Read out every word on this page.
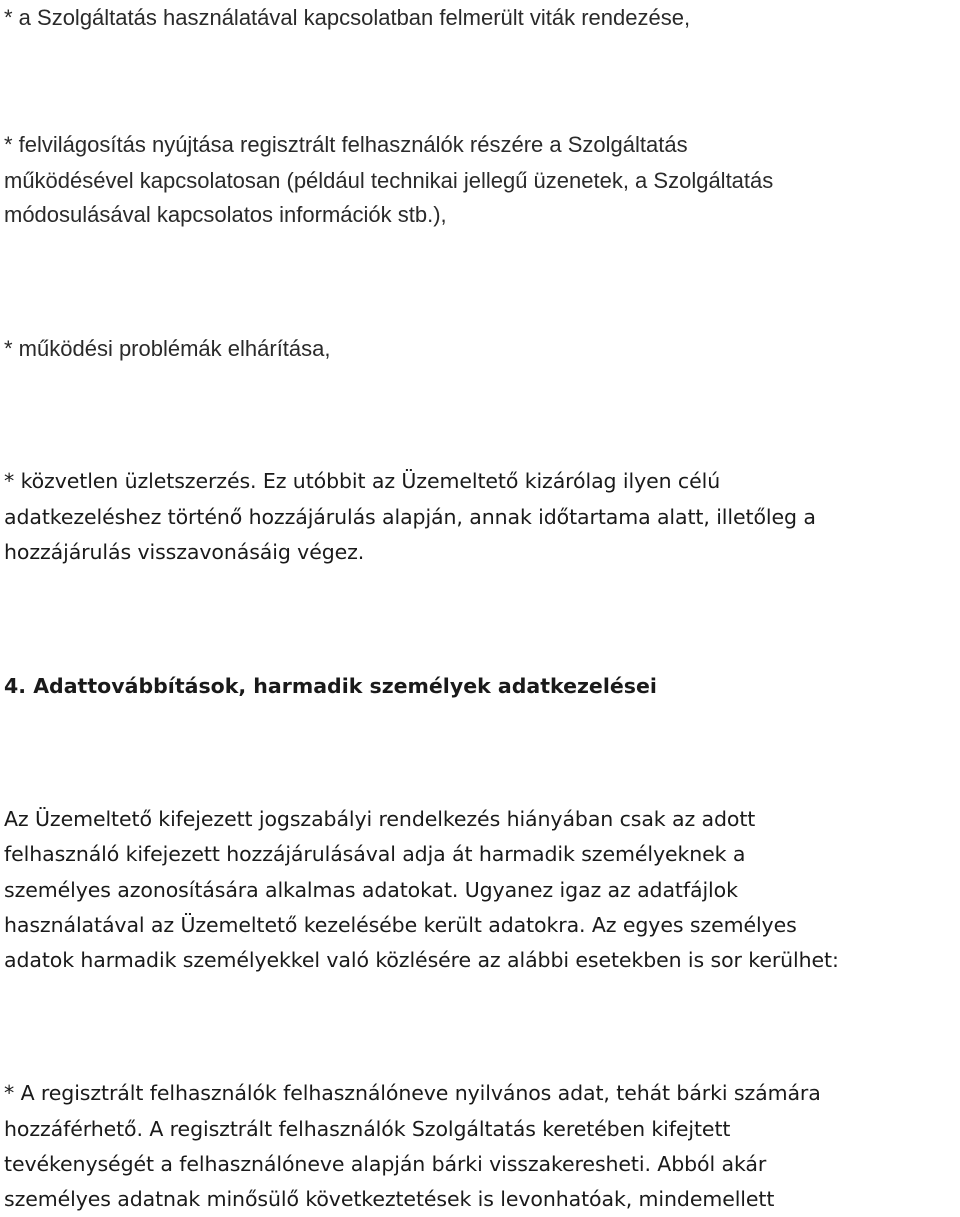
* a Szolgáltatás használatával kapcsolatban felmerült viták rendezése,
* felvilágosítás nyújtása regisztrált felhasználók részére a Szolgáltatás
működésével kapcsolatosan (például technikai jellegű üzenetek, a Szolgáltatás
módosulásával kapcsolatos információk stb.),
* működési problémák elhárítása,
* közvetlen üzletszerzés. Ez utóbbit az Üzemeltető kizárólag ilyen célú
adatkezeléshez történő hozzájárulás alapján, annak időtartama alatt, illetőleg a
hozzájárulás visszavonásáig végez.
4. Adattovábbítások, harmadik személyek adatkezelései
Az Üzemeltető kifejezett jogszabályi rendelkezés hiányában csak az adott
felhasználó kifejezett hozzájárulásával adja át harmadik személyeknek a
személyes azonosítására alkalmas adatokat. Ugyanez igaz az adatfájlok
használatával az Üzemeltető kezelésébe került adatokra. Az egyes személyes
adatok harmadik személyekkel való közlésére az alábbi esetekben is sor kerülhet:
* A regisztrált felhasználók felhasználóneve nyilvános adat, tehát bárki számára
hozzáférhető. A regisztrált felhasználók Szolgáltatás keretében kifejtett
tevékenységét a felhasználóneve alapján bárki visszakeresheti. Abból akár
személyes adatnak minősülő következtetések is levonhatóak, mindemellett
